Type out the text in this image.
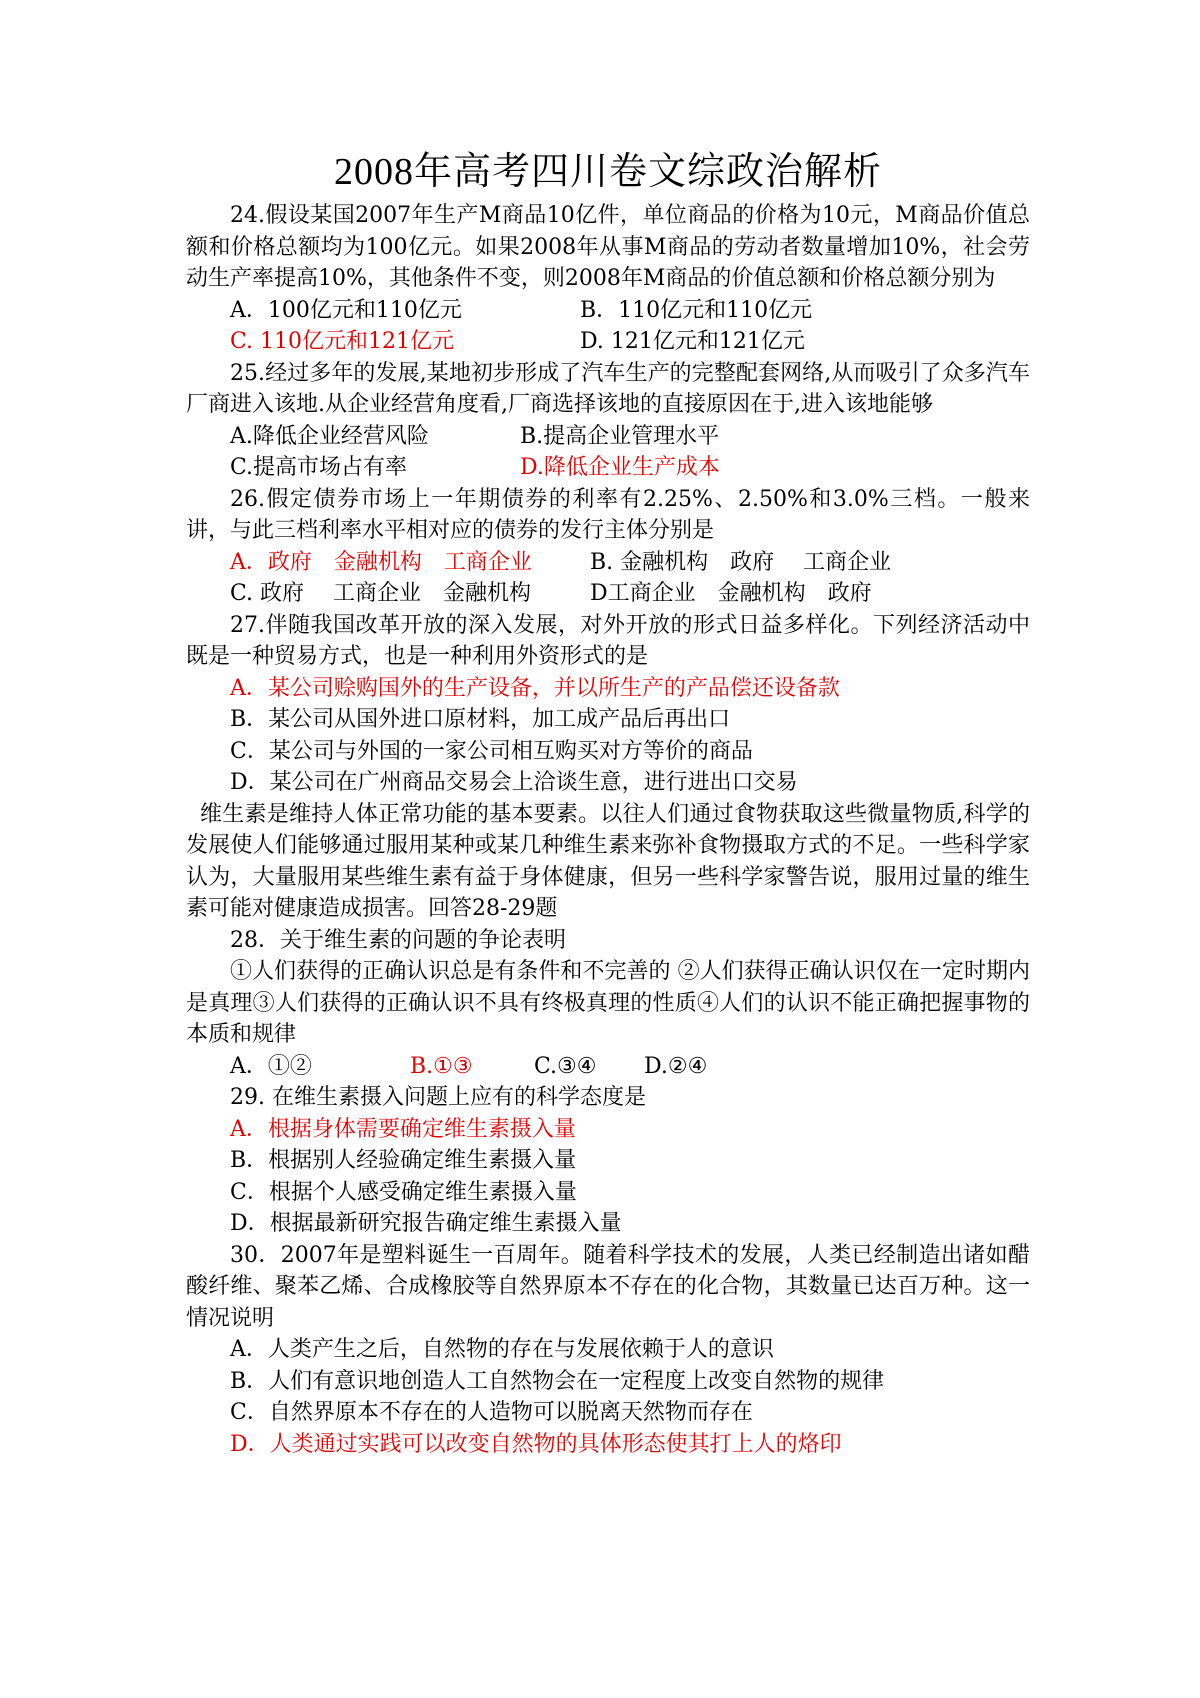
2008年高考四川卷文综政治解析

24.假设某国2007年生产M商品10亿件，单位商品的价格为10元，M商品价值总额和价格总额均为100亿元。如果2008年从事M商品的劳动者数量增加10%，社会劳动生产率提高10%，其他条件不变，则2008年M商品的价值总额和价格总额分别为

A．100亿元和110亿元	B．110亿元和110亿元
C. 110亿元和121亿元	D. 121亿元和121亿元

25.经过多年的发展,某地初步形成了汽车生产的完整配套网络,从而吸引了众多汽车厂商进入该地.从企业经营角度看,厂商选择该地的直接原因在于,进入该地能够

A.降低企业经营风险	B.提高企业管理水平
C.提高市场占有率	D.降低企业生产成本

26.假定债券市场上一年期债券的利率有2.25%、2.50%和3.0%三档。一般来讲，与此三档利率水平相对应的债券的发行主体分别是

A．政府　金融机构　工商企业	B. 金融机构　政府　 工商企业
C. 政府　 工商企业　金融机构	D工商企业　金融机构　政府

27.伴随我国改革开放的深入发展，对外开放的形式日益多样化。下列经济活动中既是一种贸易方式，也是一种利用外资形式的是

A．某公司赊购国外的生产设备，并以所生产的产品偿还设备款
B．某公司从国外进口原材料，加工成产品后再出口
C．某公司与外国的一家公司相互购买对方等价的商品
D．某公司在广州商品交易会上洽谈生意，进行进出口交易

维生素是维持人体正常功能的基本要素。以往人们通过食物获取这些微量物质,科学的发展使人们能够通过服用某种或某几种维生素来弥补食物摄取方式的不足。一些科学家认为，大量服用某些维生素有益于身体健康，但另一些科学家警告说，服用过量的维生素可能对健康造成损害。回答28-29题

28．关于维生素的问题的争论表明

①人们获得的正确认识总是有条件和不完善的 ②人们获得正确认识仅在一定时期内是真理③人们获得的正确认识不具有终极真理的性质④人们的认识不能正确把握事物的本质和规律

A．①②	B.①③	C.③④	D.②④

29. 在维生素摄入问题上应有的科学态度是

A．根据身体需要确定维生素摄入量
B．根据别人经验确定维生素摄入量
C．根据个人感受确定维生素摄入量
D．根据最新研究报告确定维生素摄入量

30．2007年是塑料诞生一百周年。随着科学技术的发展，人类已经制造出诸如醋酸纤维、聚苯乙烯、合成橡胶等自然界原本不存在的化合物，其数量已达百万种。这一情况说明

A．人类产生之后，自然物的存在与发展依赖于人的意识
B．人们有意识地创造人工自然物会在一定程度上改变自然物的规律
C．自然界原本不存在的人造物可以脱离天然物而存在
D．人类通过实践可以改变自然物的具体形态使其打上人的烙印
